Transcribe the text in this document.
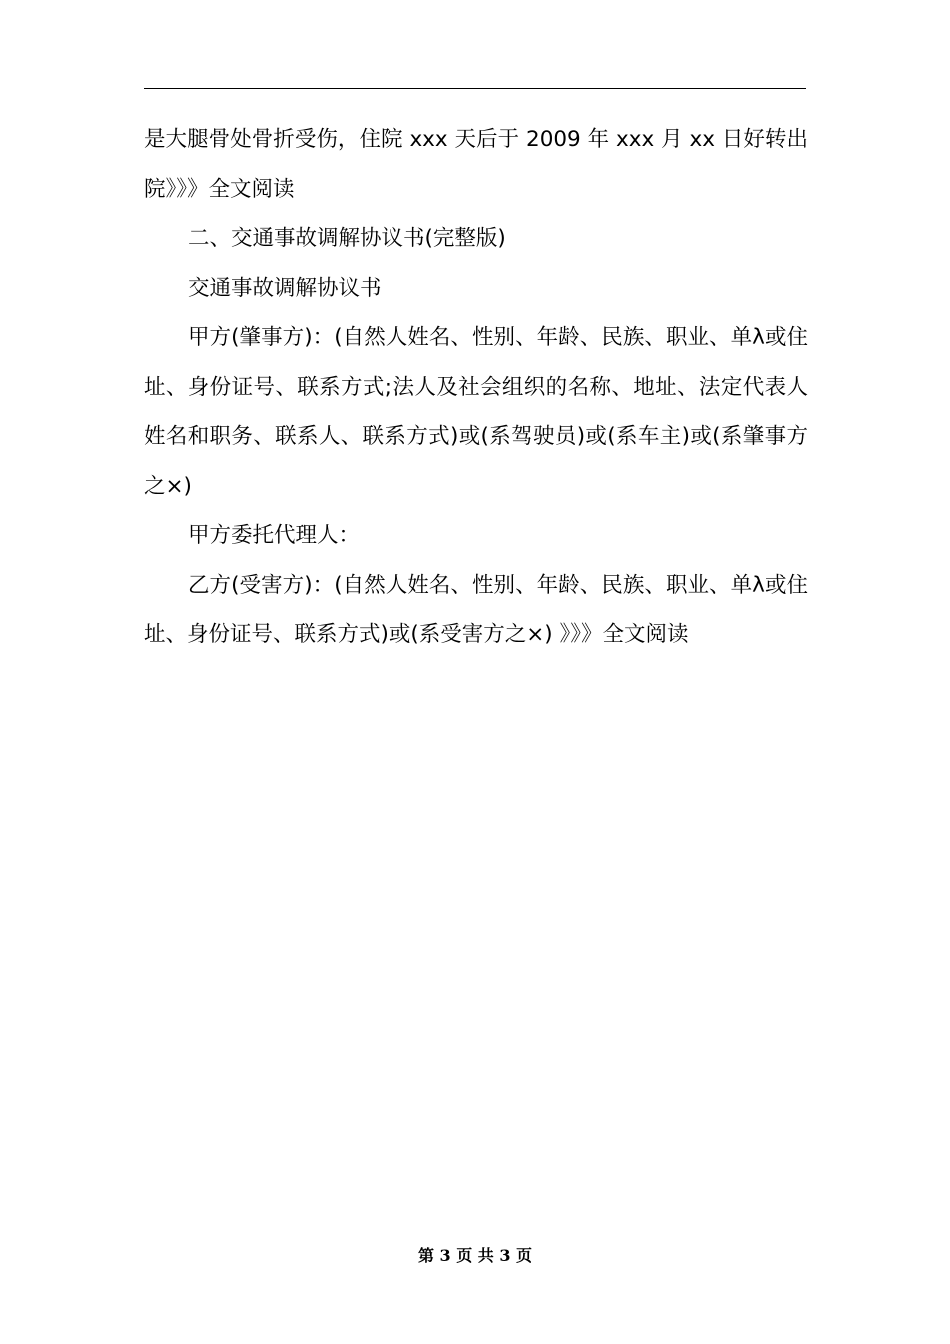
是大腿骨处骨折受伤，住院 xxx 天后于 2009 年 xxx 月 xx 日好转出院》》》全文阅读

二、交通事故调解协议书(完整版)

交通事故调解协议书

甲方(肇事方)：(自然人姓名、性别、年龄、民族、职业、单λ或住址、身份证号、联系方式;法人及社会组织的名称、地址、法定代表人姓名和职务、联系人、联系方式)或(系驾驶员)或(系车主)或(系肇事方之×)

甲方委托代理人：

乙方(受害方)：(自然人姓名、性别、年龄、民族、职业、单λ或住址、身份证号、联系方式)或(系受害方之×) 》》》全文阅读

第 3 页 共 3 页
